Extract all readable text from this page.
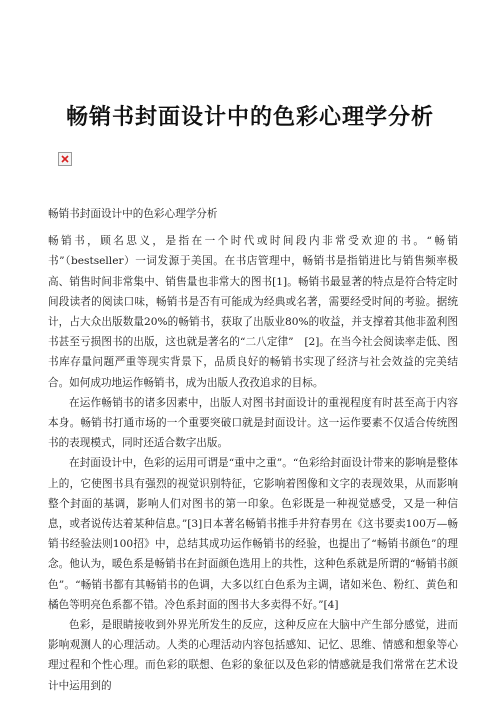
畅销书封面设计中的色彩心理学分析

畅销书封面设计中的色彩心理学分析

畅销书，顾名思义，是指在一个时代或时间段内非常受欢迎的书。“畅销书”（bestseller）一词发源于美国。在书店管理中，畅销书是指销进比与销售频率极高、销售时间非常集中、销售量也非常大的图书[1]。畅销书最显著的特点是符合特定时间段读者的阅读口味，畅销书是否有可能成为经典或名著，需要经受时间的考验。据统计，占大众出版数量20%的畅销书，获取了出版业80%的收益，并支撑着其他非盈利图书甚至亏损图书的出版，这也就是著名的“二八定律”　[2]。在当今社会阅读率走低、图书库存量问题严重等现实背景下，品质良好的畅销书实现了经济与社会效益的完美结合。如何成功地运作畅销书，成为出版人孜孜追求的目标。

在运作畅销书的诸多因素中，出版人对图书封面设计的重视程度有时甚至高于内容本身。畅销书打通市场的一个重要突破口就是封面设计。这一运作要素不仅适合传统图书的表现模式，同时还适合数字出版。

在封面设计中，色彩的运用可谓是“重中之重”。“色彩给封面设计带来的影响是整体上的，它使图书具有强烈的视觉识别特征，它影响着图像和文字的表现效果，从而影响整个封面的基调，影响人们对图书的第一印象。色彩既是一种视觉感受，又是一种信息，或者说传达着某种信息。”[3]日本著名畅销书推手井狩春男在《这书要卖100万—畅销书经验法则100招》中，总结其成功运作畅销书的经验，也提出了“畅销书颜色”的理念。他认为，暖色系是畅销书在封面颜色选用上的共性，这种色系就是所谓的“畅销书颜色”。“畅销书都有其畅销书的色调，大多以红白色系为主调，诸如米色、粉红、黄色和橘色等明亮色系都不错。冷色系封面的图书大多卖得不好。”[4]

色彩，是眼睛接收到外界光所发生的反应，这种反应在大脑中产生部分感觉，进而影响观测人的心理活动。人类的心理活动内容包括感知、记忆、思维、情感和想象等心理过程和个性心理。而色彩的联想、色彩的象征以及色彩的情感就是我们常常在艺术设计中运用到的
